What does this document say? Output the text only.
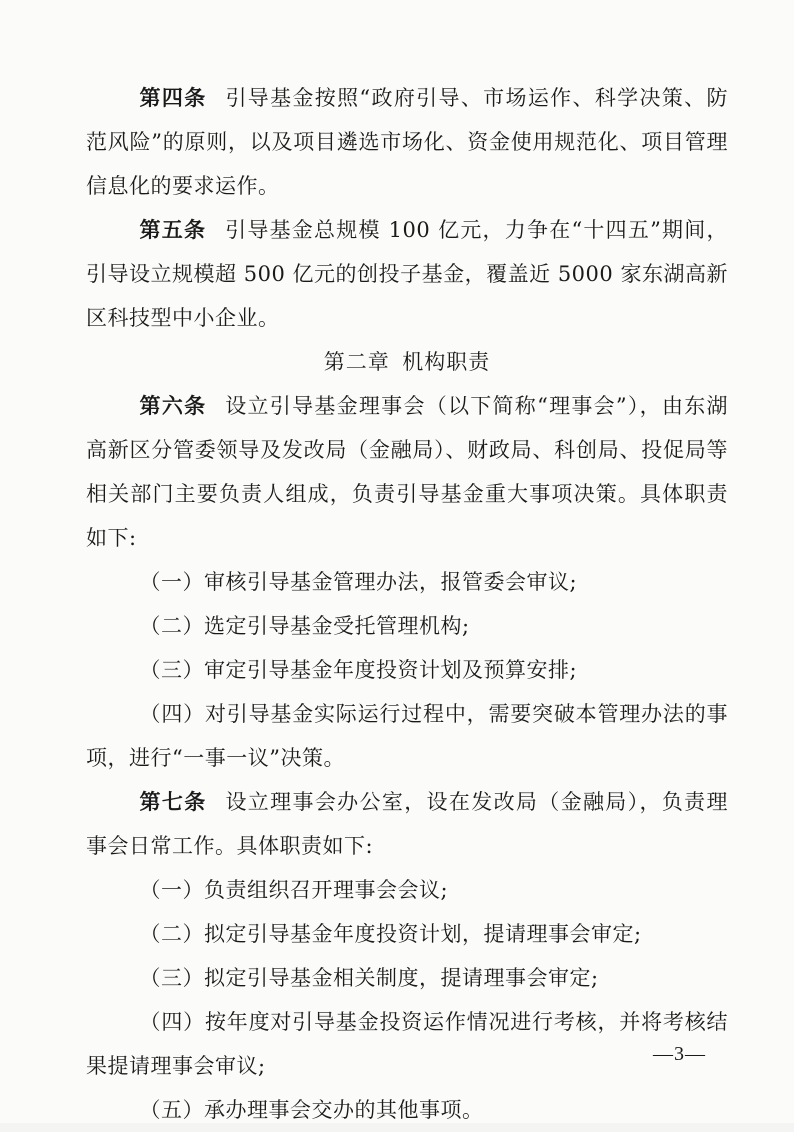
第四条 引导基金按照“政府引导、市场运作、科学决策、防范风险”的原则，以及项目遴选市场化、资金使用规范化、项目管理信息化的要求运作。

第五条 引导基金总规模 100 亿元，力争在“十四五”期间，引导设立规模超 500 亿元的创投子基金，覆盖近 5000 家东湖高新区科技型中小企业。

第二章 机构职责

第六条 设立引导基金理事会（以下简称“理事会”），由东湖高新区分管委领导及发改局（金融局）、财政局、科创局、投促局等相关部门主要负责人组成，负责引导基金重大事项决策。具体职责如下:

（一）审核引导基金管理办法，报管委会审议;

（二）选定引导基金受托管理机构;

（三）审定引导基金年度投资计划及预算安排;

（四）对引导基金实际运行过程中，需要突破本管理办法的事项，进行“一事一议”决策。

第七条 设立理事会办公室，设在发改局（金融局），负责理事会日常工作。具体职责如下:

（一）负责组织召开理事会会议;

（二）拟定引导基金年度投资计划，提请理事会审定;

（三）拟定引导基金相关制度，提请理事会审定;

（四）按年度对引导基金投资运作情况进行考核，并将考核结果提请理事会审议;

（五）承办理事会交办的其他事项。

—3—
